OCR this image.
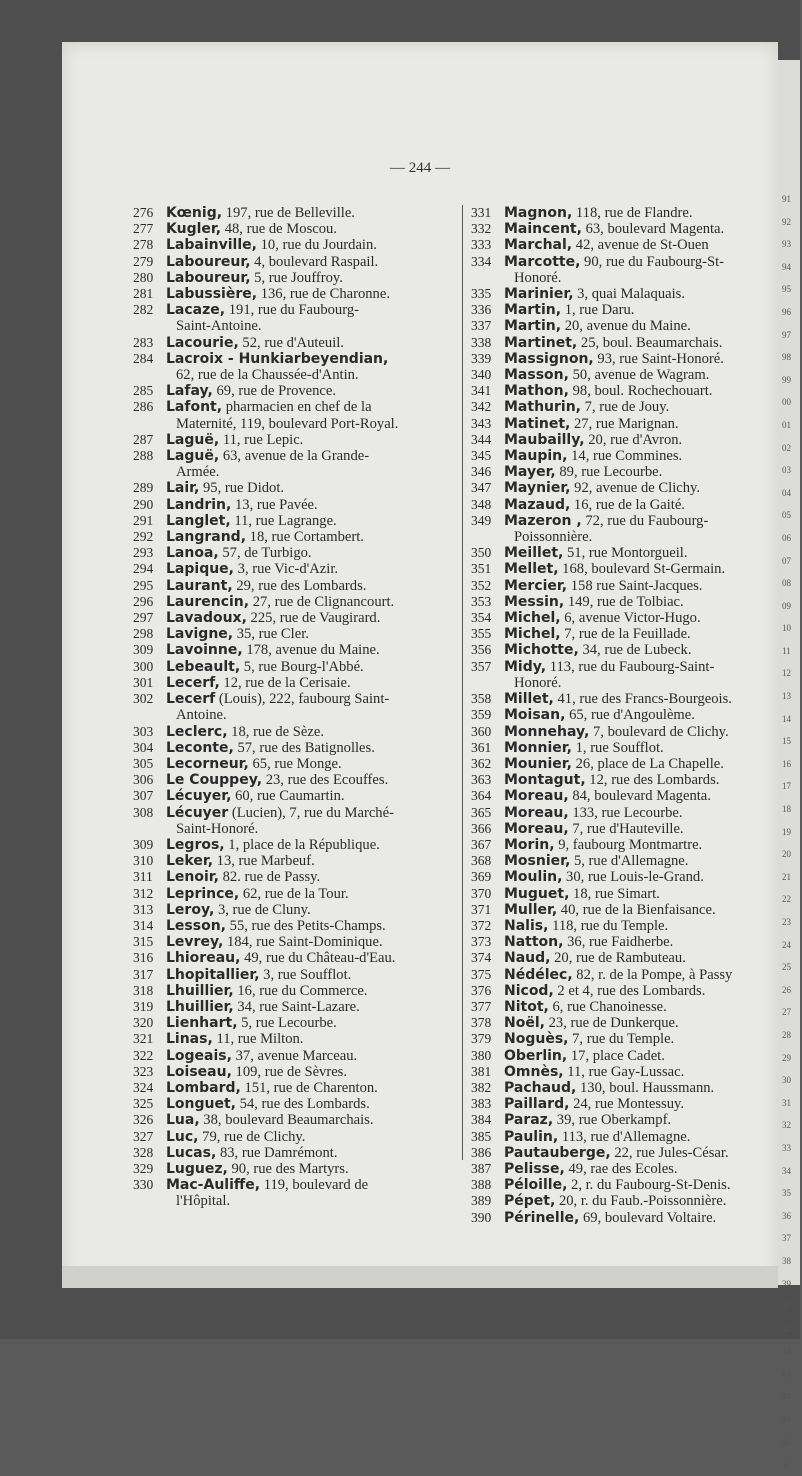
91
92
93
94
95
96
97
98
99
00
01
02
03
04
05
06
07
08
09
10
11
12
13
14
15
16
17
18
19
20
21
22
23
24
25
26
27
28
29
30
31
32
33
34
35
36
37
38
39
40
41
42
43
44
45
46
47
— 244 —

276 Kœnig, 197, rue de Belleville.

277 Kugler, 48, rue de Moscou.

278 Labainville, 10, rue du Jourdain.

279 Laboureur, 4, boulevard Raspail.

280 Laboureur, 5, rue Jouffroy.

281 Labussière, 136, rue de Charonne.

282 Lacaze, 191, rue du Faubourg-
Saint-Antoine.

283 Lacourie, 52, rue d'Auteuil.

284 Lacroix - Hunkiarbeyendian,
62, rue de la Chaussée-d'Antin.

285 Lafay, 69, rue de Provence.

286 Lafont, pharmacien en chef de la
Maternité, 119, boulevard Port-Royal.

287 Laguë, 11, rue Lepic.

288 Laguë, 63, avenue de la Grande-
Armée.

289 Lair, 95, rue Didot.

290 Landrin, 13, rue Pavée.

291 Langlet, 11, rue Lagrange.

292 Langrand, 18, rue Cortambert.

293 Lanoa, 57, de Turbigo.

294 Lapique, 3, rue Vic-d'Azir.

295 Laurant, 29, rue des Lombards.

296 Laurencin, 27, rue de Clignancourt.

297 Lavadoux, 225, rue de Vaugirard.

298 Lavigne, 35, rue Cler.

309 Lavoinne, 178, avenue du Maine.

300 Lebeault, 5, rue Bourg-l'Abbé.

301 Lecerf, 12, rue de la Cerisaie.

302 Lecerf (Louis), 222, faubourg Saint-
Antoine.

303 Leclerc, 18, rue de Sèze.

304 Leconte, 57, rue des Batignolles.

305 Lecorneur, 65, rue Monge.

306 Le Couppey, 23, rue des Ecouffes.

307 Lécuyer, 60, rue Caumartin.

308 Lécuyer (Lucien), 7, rue du Marché-
Saint-Honoré.

309 Legros, 1, place de la République.

310 Leker, 13, rue Marbeuf.

311 Lenoir, 82. rue de Passy.

312 Leprince, 62, rue de la Tour.

313 Leroy, 3, rue de Cluny.

314 Lesson, 55, rue des Petits-Champs.

315 Levrey, 184, rue Saint-Dominique.

316 Lhioreau, 49, rue du Château-d'Eau.

317 Lhopitallier, 3, rue Soufflot.

318 Lhuillier, 16, rue du Commerce.

319 Lhuillier, 34, rue Saint-Lazare.

320 Lienhart, 5, rue Lecourbe.

321 Linas, 11, rue Milton.

322 Logeais, 37, avenue Marceau.

323 Loiseau, 109, rue de Sèvres.

324 Lombard, 151, rue de Charenton.

325 Longuet, 54, rue des Lombards.

326 Lua, 38, boulevard Beaumarchais.

327 Luc, 79, rue de Clichy.

328 Lucas, 83, rue Damrémont.

329 Luguez, 90, rue des Martyrs.

330 Mac-Auliffe, 119, boulevard de
l'Hôpital.

331 Magnon, 118, rue de Flandre.

332 Maincent, 63, boulevard Magenta.

333 Marchal, 42, avenue de St-Ouen

334 Marcotte, 90, rue du Faubourg-St-
Honoré.

335 Marinier, 3, quai Malaquais.

336 Martin, 1, rue Daru.

337 Martin, 20, avenue du Maine.

338 Martinet, 25, boul. Beaumarchais.

339 Massignon, 93, rue Saint-Honoré.

340 Masson, 50, avenue de Wagram.

341 Mathon, 98, boul. Rochechouart.

342 Mathurin, 7, rue de Jouy.

343 Matinet, 27, rue Marignan.

344 Maubailly, 20, rue d'Avron.

345 Maupin, 14, rue Commines.

346 Mayer, 89, rue Lecourbe.

347 Maynier, 92, avenue de Clichy.

348 Mazaud, 16, rue de la Gaité.

349 Mazeron , 72, rue du Faubourg-
Poissonnière.

350 Meillet, 51, rue Montorgueil.

351 Mellet, 168, boulevard St-Germain.

352 Mercier, 158 rue Saint-Jacques.

353 Messin, 149, rue de Tolbiac.

354 Michel, 6, avenue Victor-Hugo.

355 Michel, 7, rue de la Feuillade.

356 Michotte, 34, rue de Lubeck.

357 Midy, 113, rue du Faubourg-Saint-
Honoré.

358 Millet, 41, rue des Francs-Bourgeois.

359 Moisan, 65, rue d'Angoulème.

360 Monnehay, 7, boulevard de Clichy.

361 Monnier, 1, rue Soufflot.

362 Mounier, 26, place de La Chapelle.

363 Montagut, 12, rue des Lombards.

364 Moreau, 84, boulevard Magenta.

365 Moreau, 133, rue Lecourbe.

366 Moreau, 7, rue d'Hauteville.

367 Morin, 9, faubourg Montmartre.

368 Mosnier, 5, rue d'Allemagne.

369 Moulin, 30, rue Louis-le-Grand.

370 Muguet, 18, rue Simart.

371 Muller, 40, rue de la Bienfaisance.

372 Nalis, 118, rue du Temple.

373 Natton, 36, rue Faidherbe.

374 Naud, 20, rue de Rambuteau.

375 Nédélec, 82, r. de la Pompe, à Passy

376 Nicod, 2 et 4, rue des Lombards.

377 Nitot, 6, rue Chanoinesse.

378 Noël, 23, rue de Dunkerque.

379 Noguès, 7, rue du Temple.

380 Oberlin, 17, place Cadet.

381 Omnès, 11, rue Gay-Lussac.

382 Pachaud, 130, boul. Haussmann.

383 Paillard, 24, rue Montessuy.

384 Paraz, 39, rue Oberkampf.

385 Paulin, 113, rue d'Allemagne.

386 Pautauberge, 22, rue Jules-César.

387 Pelisse, 49, rae des Ecoles.

388 Péloille, 2, r. du Faubourg-St-Denis.

389 Pépet, 20, r. du Faub.-Poissonnière.

390 Périnelle, 69, boulevard Voltaire.
